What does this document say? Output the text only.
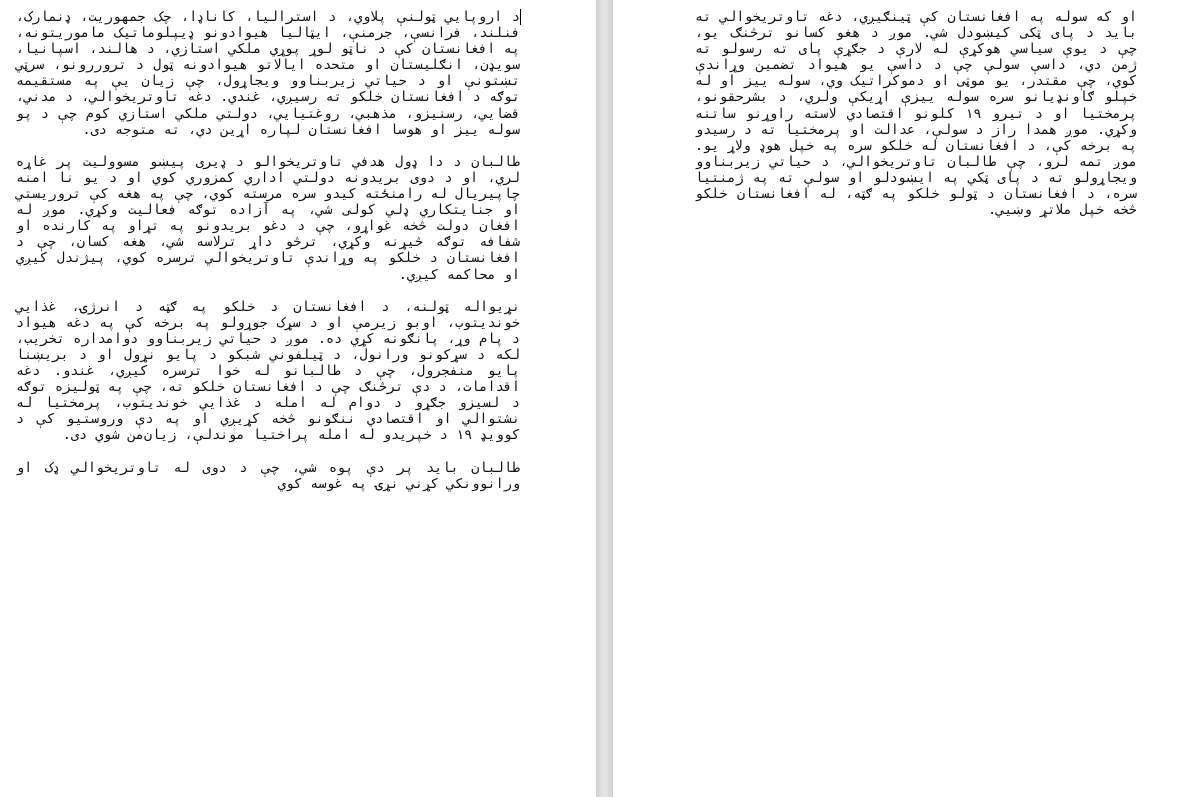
د اروپايي ټولنې پلاوي، د استراليا، کاناډا، چک جمهوريت، ډنمارک، فنلند، فرانسې، جرمنې، ايټاليا هيوادونو ډيپلوماتيک ماموريتونه، په افغانستان کې د ناټو لوړ پوړي ملکي استازي، د هالند، اسپانيا، سويډن، انګليستان او متحده ايالاتو هيوادونه ټول د تروررونو، سرټي تښتونې او د حياتي زيربناوو ويجاړول، چې زيان يې په مستقيمه توګه د افغانستان خلکو ته رسيږي، غندي. دغه تاوتريخوالي، د مدني، قضايي، رسنيزو، مذهبي، روغتيايي، دولتي ملکي استازي کوم چې د پو سوله ييز او هوسا افغانستان لپاره اړين دي، ته متوجه دی.

طالبان د دا ډول هدفي تاوتريخوالو د ډيرى پيښو مسووليت پر غاړه لري، او د دوى بريدونه دولتي اداري کمزوري کوي او د يو نا امنه چاپيريال له رامنځته کيدو سره مرسته کوي، چې په هغه کې تروريستي او جنايتکاري ډلي کولى شي، په آزاده توګه فعاليت وکړي. موږ له افغان دولت څخه غواړو، چې د دغو بريدونو په تړاو په کارنده او شفافه توګه څيړنه وکړي، ترڅو داړ ترلاسه شي، هغه کسان، چې د افغانستان د خلکو په وړاندې تاوتريخوالي ترسره کوي، پيژندل کيږي او محاکمه کيږي.

نړيواله ټولنه، د افغانستان د خلکو په ګټه د انرژۍ، غذايي خونديتوب، اوبو زيرمې او د سړک جوړولو په برخه کې په دغه هيواد د پام وړ، پانګونه کړي ده. موږ د حياتي زيربناوو دوامداره تخريب، لکه د سړکونو ورانول، د ټيلفوني شبکو د پايو نړول او د بريښنا پايو منفجرول، چې د طالبانو له خوا ترسره کيږي، غندو. دغه اقدامات، د دې ترڅنګ چې د افغانستان خلکو ته، چې په ټوليزه توګه د لسيزو جګړو د دوام له امله د غذايي خونديتوب، پرمختيا له نشتوالي او اقتصادي ننګونو څخه کړيږي او په دې وروستيو کې د کوويډ ۱۹ د خپريدو له امله پراختيا موندلې، زيان‌من شوي دی.

طالبان بايد پر دې پوه شي، چې د دوى له تاوتريخوالي ډک او ورانوونکي کړني نړۍ په غوسه کوي

او که سوله په افغانستان کې ټينګيږي، دغه تاوتريخوالي ته بايد د پای ټکی کيښودل شي. موږ د هغو کسانو ترڅنګ يو، چې د يوې سياسي هوکړې له لارې د جګړې پای ته رسولو ته ژمن دي، داسې سولې چې د داسې يو هيواد تضمين وړاندې کوي، چې مقتدر، يو موټی او دموکراتيک وي، سوله ييز او له خپلو ګاونډيانو سره سوله ييزې اړيکې ولري، د بشرحقونو، پرمختيا او د تيرو ۱۹ کلونو اقتصادي لاسته راوړنو ساتنه وکړي. موږ همدا راز د سولې، عدالت او پرمختيا ته د رسيدو په برخه کې، د افغانستان له خلکو سره په خپل هوډ ولاړ يو. موږ تمه لرو، چې طالبان تاوتريخوالي، د حياتي زيربناوو ويجاړولو ته د پای ټکي په ايښودلو او سولې ته په ژمنتيا سره، د افغانستان د ټولو خلکو په ګټه، له افغانستان خلکو څخه خپل ملاتړ وښيي.
